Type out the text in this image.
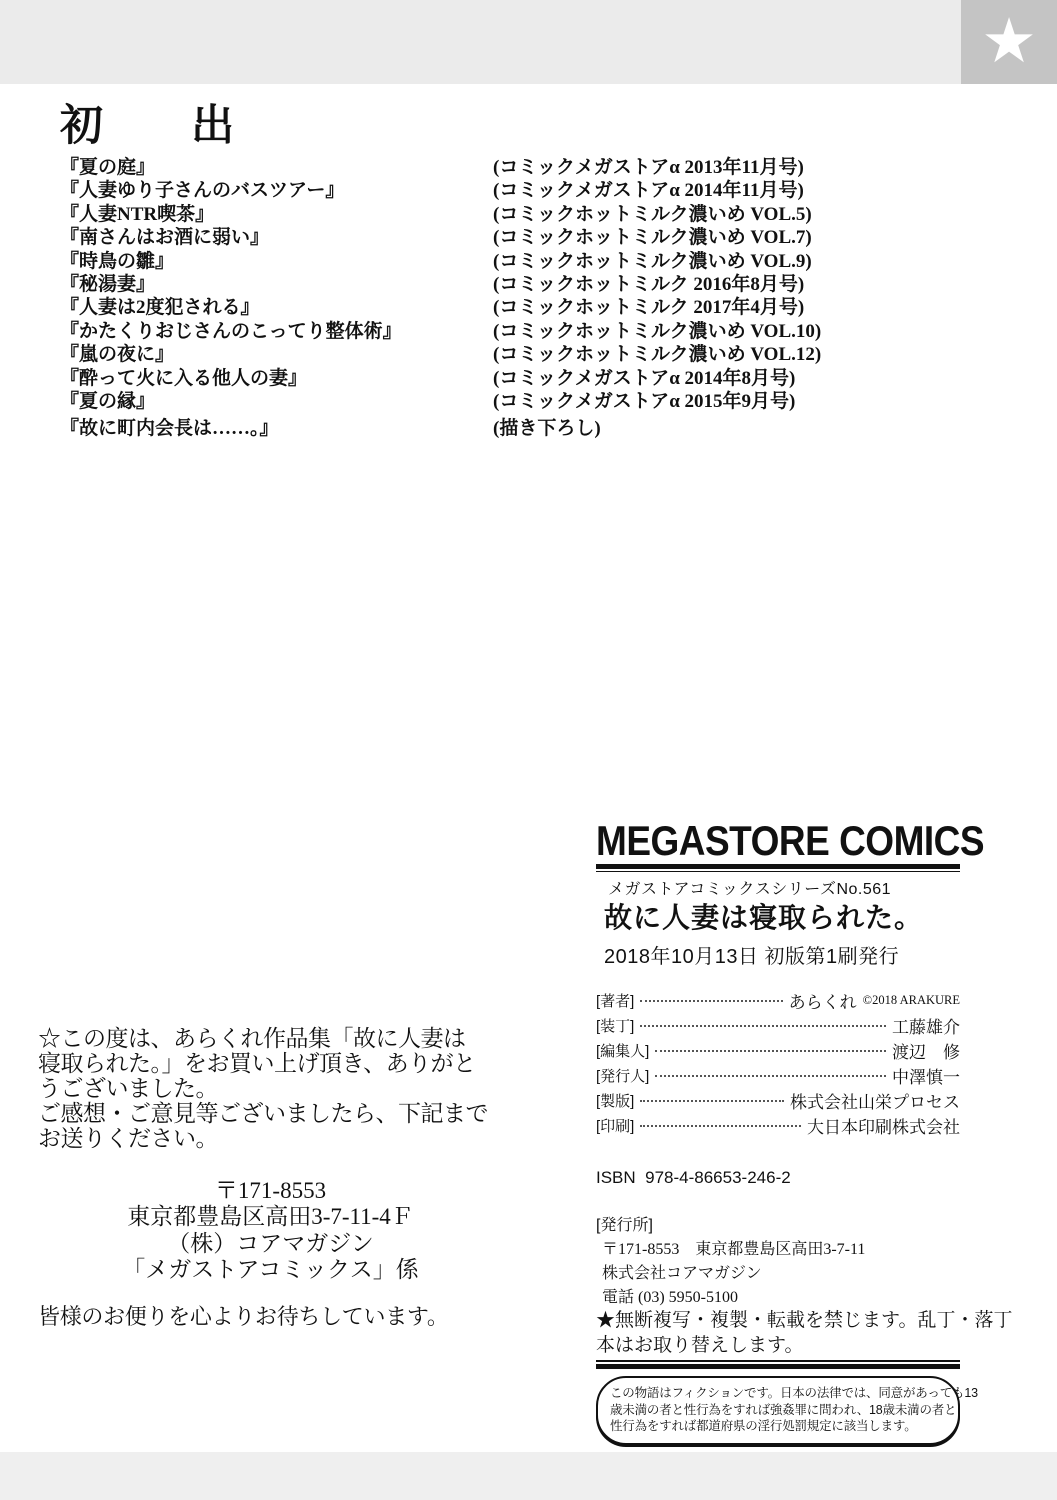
★
初出
『夏の庭』	(コミックメガストアα 2013年11月号)
『人妻ゆり子さんのバスツアー』	(コミックメガストアα 2014年11月号)
『人妻NTR喫茶』	(コミックホットミルク濃いめ VOL.5)
『南さんはお酒に弱い』	(コミックホットミルク濃いめ VOL.7)
『時鳥の雛』	(コミックホットミルク濃いめ VOL.9)
『秘湯妻』	(コミックホットミルク 2016年8月号)
『人妻は2度犯される』	(コミックホットミルク 2017年4月号)
『かたくりおじさんのこってり整体術』	(コミックホットミルク濃いめ VOL.10)
『嵐の夜に』	(コミックホットミルク濃いめ VOL.12)
『酔って火に入る他人の妻』	(コミックメガストアα 2014年8月号)
『夏の縁』	(コミックメガストアα 2015年9月号)
『故に町内会長は……。』	(描き下ろし)
MEGASTORE COMICS
メガストアコミックスシリーズNo.561
故に人妻は寝取られた。
2018年10月13日 初版第1刷発行
[著者]	あらくれ ©2018 ARAKURE
[装丁]	工藤雄介
[編集人]	渡辺　修
[発行人]	中澤慎一
[製版]	株式会社山栄プロセス
[印刷]	大日本印刷株式会社
ISBN  978-4-86653-246-2
[発行所]
〒171-8553　東京都豊島区高田3-7-11
株式会社コアマガジン
電話 (03) 5950-5100
★無断複写・複製・転載を禁じます。乱丁・落丁
本はお取り替えします。
この物語はフィクションです。日本の法律では、同意があっても13
歳未満の者と性行為をすれば強姦罪に問われ、18歳未満の者と
性行為をすれば都道府県の淫行処罰規定に該当します。
☆この度は、あらくれ作品集「故に人妻は
寝取られた。」をお買い上げ頂き、ありがと
うございました。
ご感想・ご意見等ございましたら、下記まで
お送りください。
〒171-8553
東京都豊島区高田3-7-11-4Ｆ
（株）コアマガジン
「メガストアコミックス」係
皆様のお便りを心よりお待ちしています。
